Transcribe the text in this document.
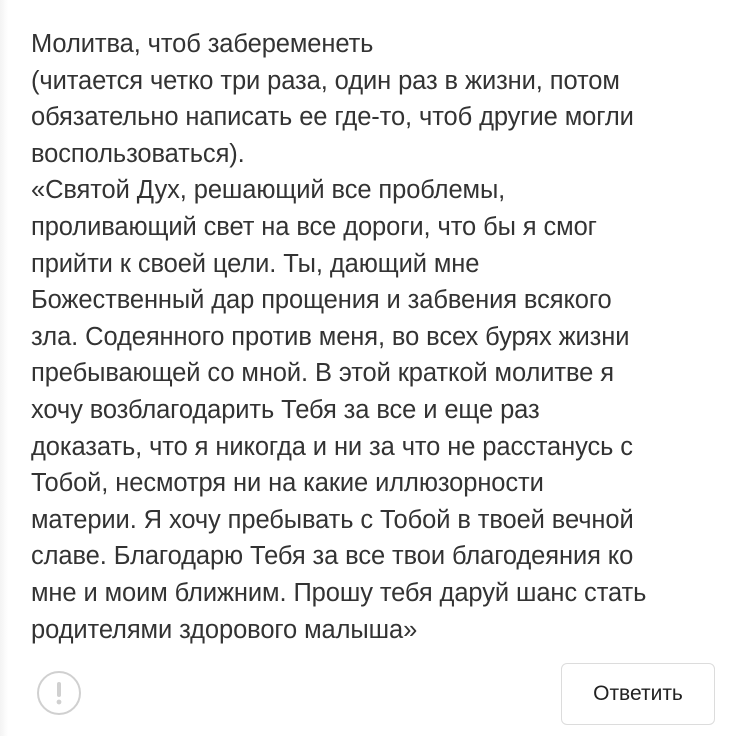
Молитва, чтоб забеременеть
(читается четко три раза, один раз в жизни, потом
обязательно написать ее где-то, чтоб другие могли
воспользоваться).
«Святой Дух, решающий все проблемы,
проливающий свет на все дороги, что бы я смог
прийти к своей цели. Ты, дающий мне
Божественный дар прощения и забвения всякого
зла. Содеянного против меня, во всех бурях жизни
пребывающей со мной. В этой краткой молитве я
хочу возблагодарить Тебя за все и еще раз
доказать, что я никогда и ни за что не расстанусь с
Тобой, несмотря ни на какие иллюзорности
материи. Я хочу пребывать с Тобой в твоей вечной
славе. Благодарю Тебя за все твои благодеяния ко
мне и моим ближним. Прошу тебя даруй шанс стать
родителями здорового малыша»

Ответить
